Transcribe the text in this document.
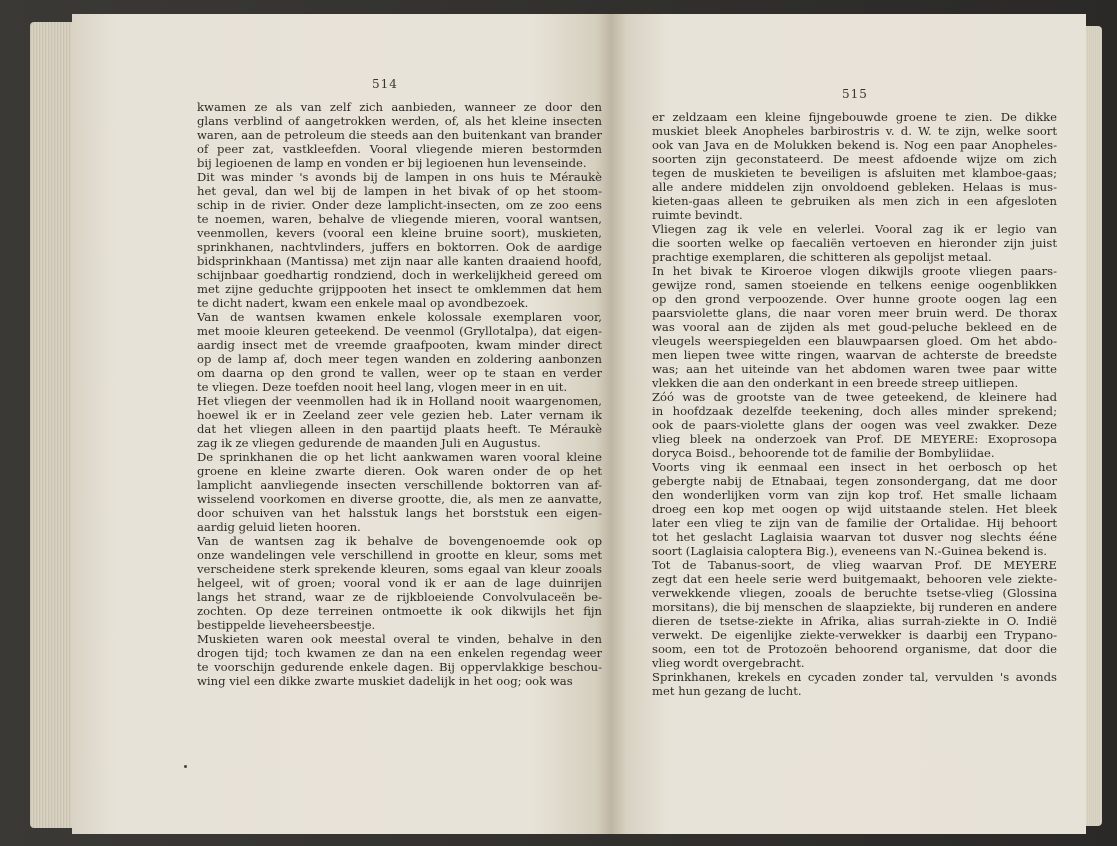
514
kwamen ze als van zelf zich aanbieden, wanneer ze door den
glans verblind of aangetrokken werden, of, als het kleine insecten
waren, aan de petroleum die steeds aan den buitenkant van brander
of peer zat, vastkleefden. Vooral vliegende mieren bestormden
bij legioenen de lamp en vonden er bij legioenen hun levenseinde.
Dit was minder 's avonds bij de lampen in ons huis te Méraukè
het geval, dan wel bij de lampen in het bivak of op het stoom-
schip in de rivier. Onder deze lamplicht-insecten, om ze zoo eens
te noemen, waren, behalve de vliegende mieren, vooral wantsen,
veenmollen, kevers (vooral een kleine bruine soort), muskieten,
sprinkhanen, nachtvlinders, juffers en boktorren. Ook de aardige
bidsprinkhaan (Mantissa) met zijn naar alle kanten draaiend hoofd,
schijnbaar goedhartig rondziend, doch in werkelijkheid gereed om
met zijne geduchte grijppooten het insect te omklemmen dat hem
te dicht nadert, kwam een enkele maal op avondbezoek.
Van de wantsen kwamen enkele kolossale exemplaren voor,
met mooie kleuren geteekend. De veenmol (Gryllotalpa), dat eigen-
aardig insect met de vreemde graafpooten, kwam minder direct
op de lamp af, doch meer tegen wanden en zoldering aanbonzen
om daarna op den grond te vallen, weer op te staan en verder
te vliegen. Deze toefden nooit heel lang, vlogen meer in en uit.
Het vliegen der veenmollen had ik in Holland nooit waargenomen,
hoewel ik er in Zeeland zeer vele gezien heb. Later vernam ik
dat het vliegen alleen in den paartijd plaats heeft. Te Méraukè
zag ik ze vliegen gedurende de maanden Juli en Augustus.
De sprinkhanen die op het licht aankwamen waren vooral kleine
groene en kleine zwarte dieren. Ook waren onder de op het
lamplicht aanvliegende insecten verschillende boktorren van af-
wisselend voorkomen en diverse grootte, die, als men ze aanvatte,
door schuiven van het halsstuk langs het borststuk een eigen-
aardig geluid lieten hooren.
Van de wantsen zag ik behalve de bovengenoemde ook op
onze wandelingen vele verschillend in grootte en kleur, soms met
verscheidene sterk sprekende kleuren, soms egaal van kleur zooals
helgeel, wit of groen; vooral vond ik er aan de lage duinrijen
langs het strand, waar ze de rijkbloeiende Convolvulaceën be-
zochten. Op deze terreinen ontmoette ik ook dikwijls het fijn
bestippelde lieveheersbeestje.
Muskieten waren ook meestal overal te vinden, behalve in den
drogen tijd; toch kwamen ze dan na een enkelen regendag weer
te voorschijn gedurende enkele dagen. Bij oppervlakkige beschou-
wing viel een dikke zwarte muskiet dadelijk in het oog; ook was
515
er zeldzaam een kleine fijngebouwde groene te zien. De dikke
muskiet bleek Anopheles barbirostris v. d. W. te zijn, welke soort
ook van Java en de Molukken bekend is. Nog een paar Anopheles-
soorten zijn geconstateerd. De meest afdoende wijze om zich
tegen de muskieten te beveiligen is afsluiten met klamboe-gaas;
alle andere middelen zijn onvoldoend gebleken. Helaas is mus-
kieten-gaas alleen te gebruiken als men zich in een afgesloten
ruimte bevindt.
Vliegen zag ik vele en velerlei. Vooral zag ik er legio van
die soorten welke op faecaliën vertoeven en hieronder zijn juist
prachtige exemplaren, die schitteren als gepolijst metaal.
In het bivak te Kiroeroe vlogen dikwijls groote vliegen paars-
gewijze rond, samen stoeiende en telkens eenige oogenblikken
op den grond verpoozende. Over hunne groote oogen lag een
paarsviolette glans, die naar voren meer bruin werd. De thorax
was vooral aan de zijden als met goud-peluche bekleed en de
vleugels weerspiegelden een blauwpaarsen gloed. Om het abdo-
men liepen twee witte ringen, waarvan de achterste de breedste
was; aan het uiteinde van het abdomen waren twee paar witte
vlekken die aan den onderkant in een breede streep uitliepen.
Zóó was de grootste van de twee geteekend, de kleinere had
in hoofdzaak dezelfde teekening, doch alles minder sprekend;
ook de paars-violette glans der oogen was veel zwakker. Deze
vlieg bleek na onderzoek van Prof. DE MEYERE: Exoprosopa
doryca Boisd., behoorende tot de familie der Bombyliidae.
Voorts ving ik eenmaal een insect in het oerbosch op het
gebergte nabij de Etnabaai, tegen zonsondergang, dat me door
den wonderlijken vorm van zijn kop trof. Het smalle lichaam
droeg een kop met oogen op wijd uitstaande stelen. Het bleek
later een vlieg te zijn van de familie der Ortalidae. Hij behoort
tot het geslacht Laglaisia waarvan tot dusver nog slechts ééne
soort (Laglaisia caloptera Big.), eveneens van N.-Guinea bekend is.
Tot de Tabanus-soort, de vlieg waarvan Prof. DE MEYERE
zegt dat een heele serie werd buitgemaakt, behooren vele ziekte-
verwekkende vliegen, zooals de beruchte tsetse-vlieg (Glossina
morsitans), die bij menschen de slaapziekte, bij runderen en andere
dieren de tsetse-ziekte in Afrika, alias surrah-ziekte in O. Indië
verwekt. De eigenlijke ziekte-verwekker is daarbij een Trypano-
soom, een tot de Protozoën behoorend organisme, dat door die
vlieg wordt overgebracht.
Sprinkhanen, krekels en cycaden zonder tal, vervulden 's avonds
met hun gezang de lucht.
